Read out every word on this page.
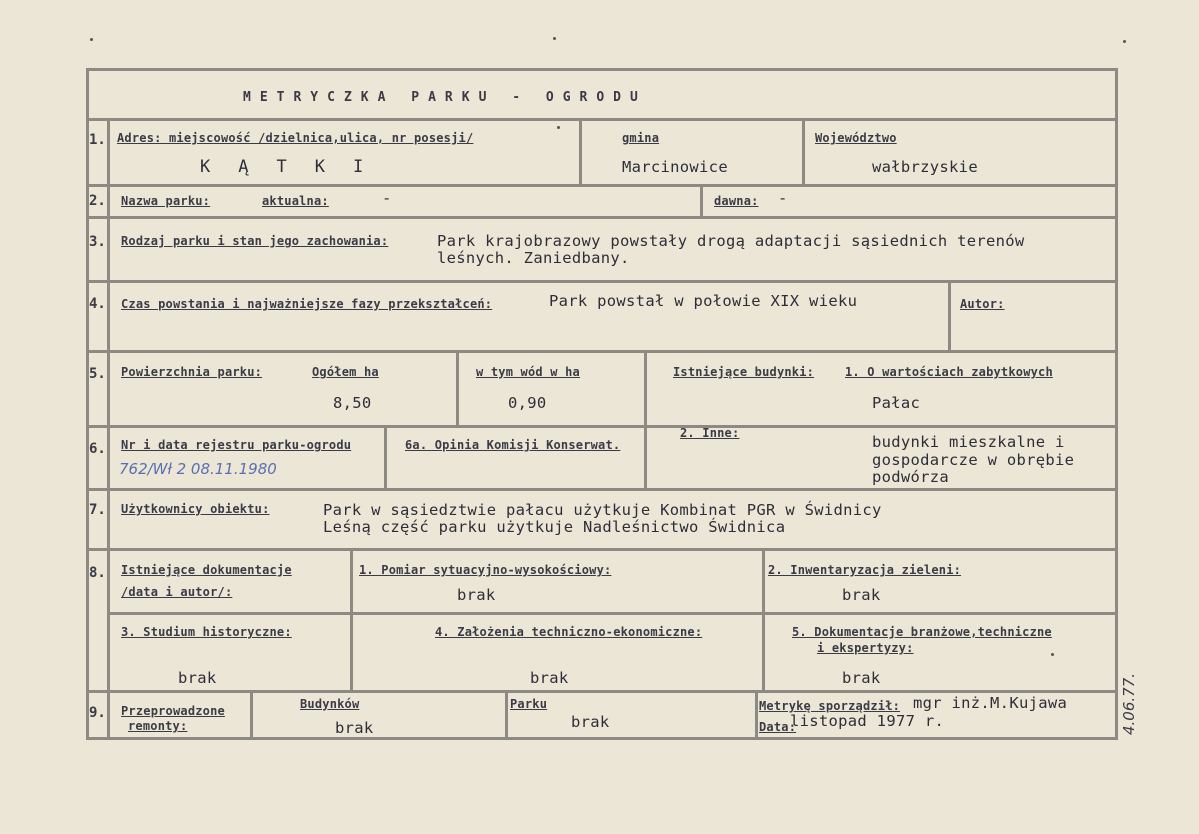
METRYCZKA PARKU - OGRODU
1. Adres: miejscowość /dzielnica,ulica, nr posesji/
KĄTKI
gmina
Marcinowice
Województwo
wałbrzyskie
2. Nazwa parku:	aktualna:	-	dawna: -
3. Rodzaj parku i stan jego zachowania:	Park krajobrazowy powstały drogą adaptacji sąsiednich terenów
leśnych. Zaniedbany.
4. Czas powstania i najważniejsze fazy przekształceń:	Park powstał w połowie XIX wieku	Autor:
5. Powierzchnia parku:	Ogółem ha
8,50
w tym wód w ha
0,90
Istniejące budynki:	1. O wartościach zabytkowych
Pałac
6. Nr i data rejestru parku-ogrodu
762/Wł 2 08.11.1980
6a. Opinia Komisji Konserwat.
2. Inne:	budynki mieszkalne i
gospodarcze w obrębie
podwórza
7. Użytkownicy obiektu:	Park w sąsiedztwie pałacu użytkuje Kombinat PGR w Świdnicy
Leśną część parku użytkuje Nadleśnictwo Świdnica
8. Istniejące dokumentacje
/data i autor/:
1. Pomiar sytuacyjno-wysokościowy:
brak
2. Inwentaryzacja zieleni:
brak
3. Studium historyczne:
brak
4. Założenia techniczno-ekonomiczne:
brak
5. Dokumentacje branżowe,techniczne
i ekspertyzy:
brak
9. Przeprowadzone
remonty:
Budynków
brak
Parku
brak
Metrykę sporządził: mgr inż.M.Kujawa
Data:
listopad 1977 r.	4.06.77.
